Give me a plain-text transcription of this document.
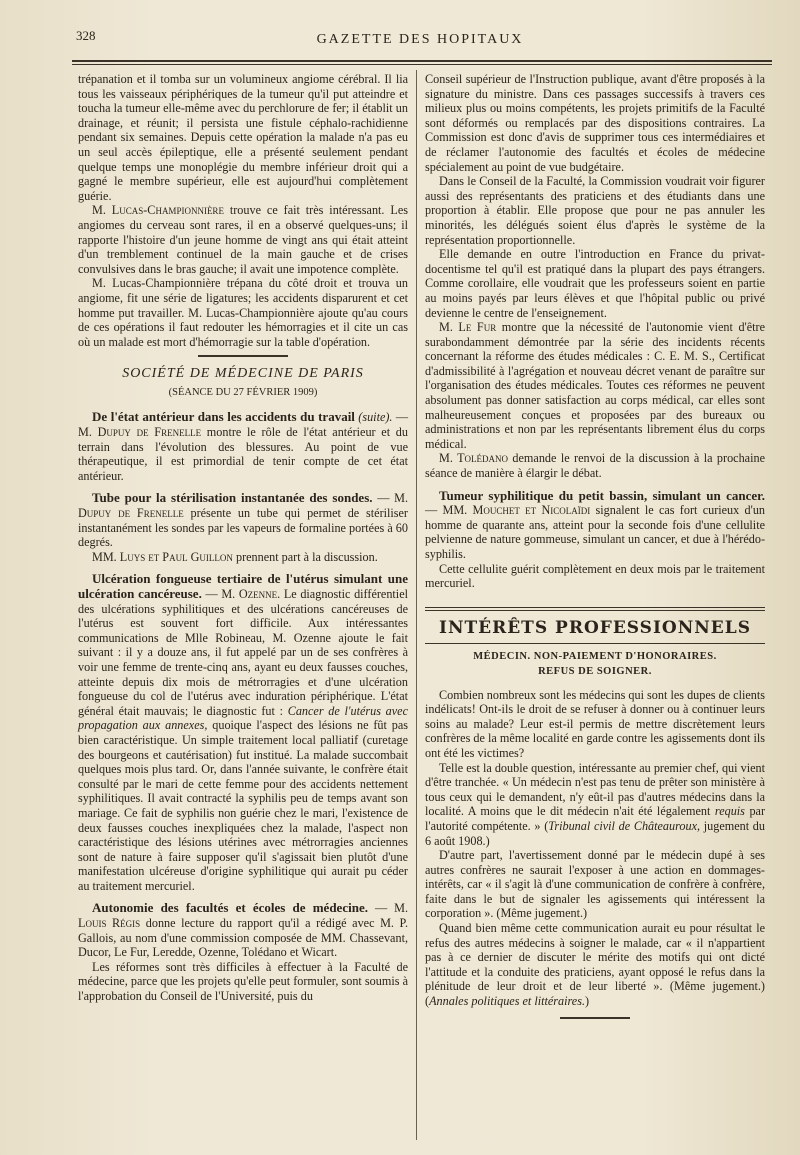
328	GAZETTE DES HOPITAUX

trépanation et il tomba sur un volumineux angiome cérébral. Il lia tous les vaisseaux périphériques de la tumeur qu'il put atteindre et toucha la tumeur elle-même avec du perchlorure de fer; il établit un drainage, et réunit; il persista une fistule céphalo-rachidienne pendant six semaines. Depuis cette opération la malade n'a pas eu un seul accès épileptique, elle a présenté seulement pendant quelque temps une monoplégie du membre inférieur droit qui a gagné le membre supérieur, elle est aujourd'hui complètement guérie.

M. Lucas-Championnière trouve ce fait très intéressant. Les angiomes du cerveau sont rares, il en a observé quelques-uns; il rapporte l'histoire d'un jeune homme de vingt ans qui était atteint d'un tremblement continuel de la main gauche et de crises convulsives dans le bras gauche; il avait une impotence complète.

M. Lucas-Championnière trépana du côté droit et trouva un angiome, fit une série de ligatures; les accidents disparurent et cet homme put travailler. M. Lucas-Championnière ajoute qu'au cours de ces opérations il faut redouter les hémorragies et il cite un cas où un malade est mort d'hémorragie sur la table d'opération.

SOCIÉTÉ DE MÉDECINE DE PARIS
(SÉANCE DU 27 FÉVRIER 1909)

De l'état antérieur dans les accidents du travail (suite). — M. Dupuy de Frenelle montre le rôle de l'état antérieur et du terrain dans l'évolution des blessures. Au point de vue thérapeutique, il est primordial de tenir compte de cet état antérieur.

Tube pour la stérilisation instantanée des sondes. — M. Dupuy de Frenelle présente un tube qui permet de stériliser instantanément les sondes par les vapeurs de formaline portées à 60 degrés.

MM. Luys et Paul Guillon prennent part à la discussion.

Ulcération fongueuse tertiaire de l'utérus simulant une ulcération cancéreuse. — M. Ozenne. Le diagnostic différentiel des ulcérations syphilitiques et des ulcérations cancéreuses de l'utérus est souvent fort difficile. Aux intéressantes communications de Mlle Robineau, M. Ozenne ajoute le fait suivant : il y a douze ans, il fut appelé par un de ses confrères à voir une femme de trente-cinq ans, ayant eu deux fausses couches, atteinte depuis dix mois de métrorragies et d'une ulcération fongueuse du col de l'utérus avec induration périphérique. L'état général était mauvais; le diagnostic fut : Cancer de l'utérus avec propagation aux annexes, quoique l'aspect des lésions ne fût pas bien caractéristique. Un simple traitement local palliatif (curetage des bourgeons et cautérisation) fut institué. La malade succombait quelques mois plus tard. Or, dans l'année suivante, le confrère était consulté par le mari de cette femme pour des accidents nettement syphilitiques. Il avait contracté la syphilis peu de temps avant son mariage. Ce fait de syphilis non guérie chez le mari, l'existence de deux fausses couches inexpliquées chez la malade, l'aspect non caractéristique des lésions utérines avec métrorragies anciennes sont de nature à faire supposer qu'il s'agissait bien plutôt d'une manifestation ulcéreuse d'origine syphilitique qui aurait pu céder au traitement mercuriel.

Autonomie des facultés et écoles de médecine. — M. Louis Régis donne lecture du rapport qu'il a rédigé avec M. P. Gallois, au nom d'une commission composée de MM. Chassevant, Ducor, Le Fur, Leredde, Ozenne, Tolédano et Wicart.

Les réformes sont très difficiles à effectuer à la Faculté de médecine, parce que les projets qu'elle peut formuler, sont soumis à l'approbation du Conseil de l'Université, puis du

Conseil supérieur de l'Instruction publique, avant d'être proposés à la signature du ministre. Dans ces passages successifs à travers ces milieux plus ou moins compétents, les projets primitifs de la Faculté sont déformés ou remplacés par des dispositions contraires. La Commission est donc d'avis de supprimer tous ces intermédiaires et de réclamer l'autonomie des facultés et écoles de médecine spécialement au point de vue budgétaire.

Dans le Conseil de la Faculté, la Commission voudrait voir figurer aussi des représentants des praticiens et des étudiants dans une proportion à établir. Elle propose que pour ne pas annuler les minorités, les délégués soient élus d'après le système de la représentation proportionnelle.

Elle demande en outre l'introduction en France du privat-docentisme tel qu'il est pratiqué dans la plupart des pays étrangers. Comme corollaire, elle voudrait que les professeurs soient en partie au moins payés par leurs élèves et que l'hôpital public ou privé devienne le centre de l'enseignement.

M. Le Fur montre que la nécessité de l'autonomie vient d'être surabondamment démontrée par la série des incidents récents concernant la réforme des études médicales : C. E. M. S., Certificat d'admissibilité à l'agrégation et nouveau décret venant de paraître sur l'organisation des études médicales. Toutes ces réformes ne peuvent absolument pas donner satisfaction au corps médical, car elles sont malheureusement conçues et proposées par des bureaux ou administrations et non par les représentants librement élus du corps médical.

M. Tolédano demande le renvoi de la discussion à la prochaine séance de manière à élargir le débat.

Tumeur syphilitique du petit bassin, simulant un cancer. — MM. Mouchet et Nicolaïdi signalent le cas fort curieux d'un homme de quarante ans, atteint pour la seconde fois d'une cellulite pelvienne de nature gommeuse, simulant un cancer, et due à l'hérédo-syphilis.

Cette cellulite guérit complètement en deux mois par le traitement mercuriel.

INTÉRÊTS PROFESSIONNELS
MÉDECIN. NON-PAIEMENT D'HONORAIRES.
REFUS DE SOIGNER.

Combien nombreux sont les médecins qui sont les dupes de clients indélicats! Ont-ils le droit de se refuser à donner ou à continuer leurs soins au malade? Leur est-il permis de mettre discrètement leurs confrères de la même localité en garde contre les agissements dont ils ont été les victimes?

Telle est la double question, intéressante au premier chef, qui vient d'être tranchée. « Un médecin n'est pas tenu de prêter son ministère à tous ceux qui le demandent, n'y eût-il pas d'autres médecins dans la localité. A moins que le dit médecin n'ait été légalement requis par l'autorité compétente. » (Tribunal civil de Châteauroux, jugement du 6 août 1908.)

D'autre part, l'avertissement donné par le médecin dupé à ses autres confrères ne saurait l'exposer à une action en dommages-intérêts, car « il s'agit là d'une communication de confrère à confrère, faite dans le but de signaler les agissements qui intéressent la corporation ». (Même jugement.)

Quand bien même cette communication aurait eu pour résultat le refus des autres médecins à soigner le malade, car « il n'appartient pas à ce dernier de discuter le mérite des motifs qui ont dicté l'attitude et la conduite des praticiens, ayant opposé le refus dans la plénitude de leur droit et de leur liberté ». (Même jugement.) (Annales politiques et littéraires.)
